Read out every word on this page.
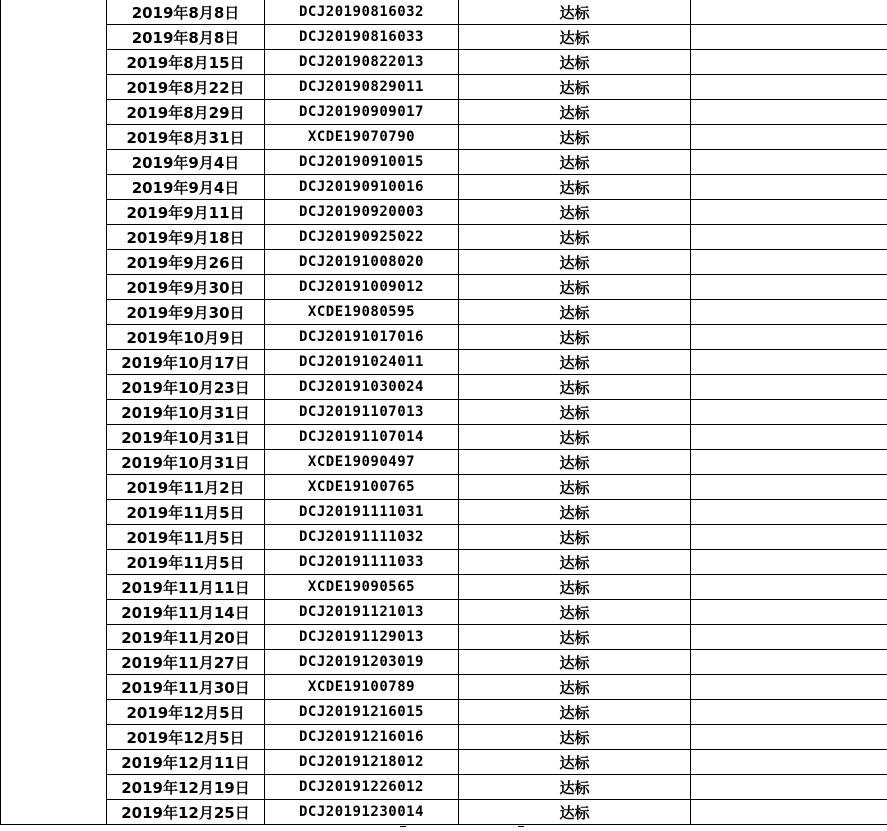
	2019年8月8日	DCJ20190816032	达标	
	2019年8月8日	DCJ20190816033	达标	
	2019年8月15日	DCJ20190822013	达标	
	2019年8月22日	DCJ20190829011	达标	
	2019年8月29日	DCJ20190909017	达标	
	2019年8月31日	XCDE19070790	达标	
	2019年9月4日	DCJ20190910015	达标	
	2019年9月4日	DCJ20190910016	达标	
	2019年9月11日	DCJ20190920003	达标	
	2019年9月18日	DCJ20190925022	达标	
	2019年9月26日	DCJ20191008020	达标	
	2019年9月30日	DCJ20191009012	达标	
	2019年9月30日	XCDE19080595	达标	
	2019年10月9日	DCJ20191017016	达标	
	2019年10月17日	DCJ20191024011	达标	
	2019年10月23日	DCJ20191030024	达标	
	2019年10月31日	DCJ20191107013	达标	
	2019年10月31日	DCJ20191107014	达标	
	2019年10月31日	XCDE19090497	达标	
	2019年11月2日	XCDE19100765	达标	
	2019年11月5日	DCJ20191111031	达标	
	2019年11月5日	DCJ20191111032	达标	
	2019年11月5日	DCJ20191111033	达标	
	2019年11月11日	XCDE19090565	达标	
	2019年11月14日	DCJ20191121013	达标	
	2019年11月20日	DCJ20191129013	达标	
	2019年11月27日	DCJ20191203019	达标	
	2019年11月30日	XCDE19100789	达标	
	2019年12月5日	DCJ20191216015	达标	
	2019年12月5日	DCJ20191216016	达标	
	2019年12月11日	DCJ20191218012	达标	
	2019年12月19日	DCJ20191226012	达标	
	2019年12月25日	DCJ20191230014	达标	
